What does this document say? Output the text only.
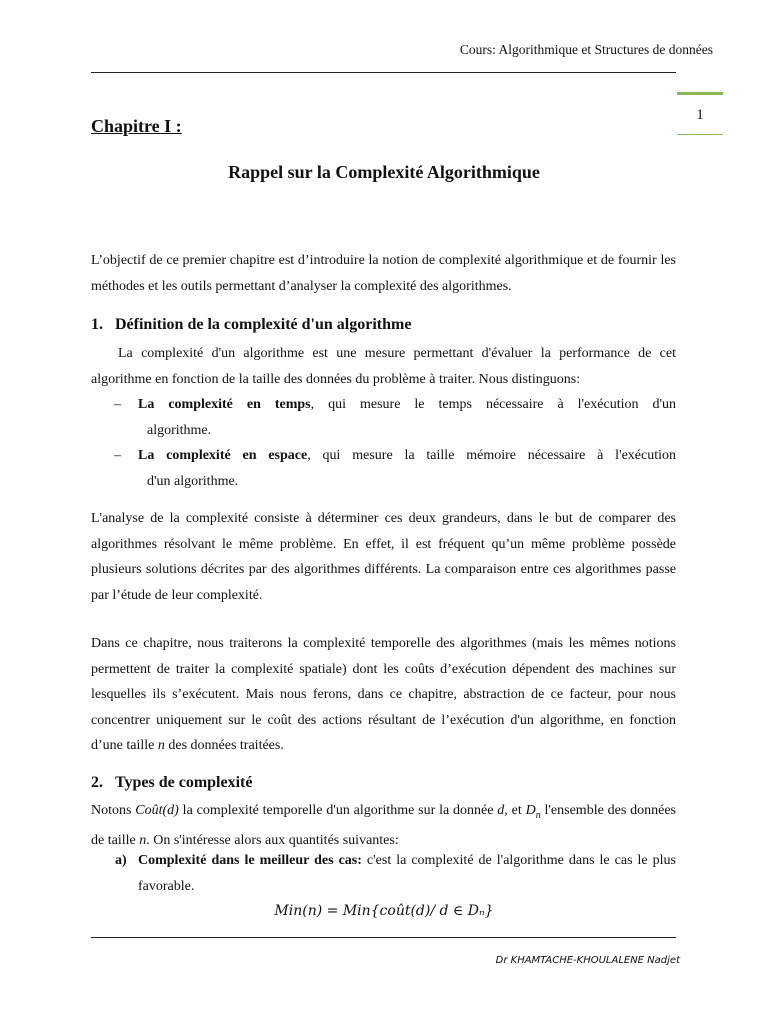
Cours: Algorithmique et Structures de données
1
Chapitre I :
Rappel sur la Complexité Algorithmique
L’objectif de ce premier chapitre est d’introduire la notion de complexité algorithmique et de fournir les méthodes et les outils permettant d’analyser la complexité des algorithmes.
1. Définition de la complexité d'un algorithme
La complexité d'un algorithme est une mesure permettant d'évaluer la performance de cet algorithme en fonction de la taille des données du problème à traiter. Nous distinguons:
– La complexité en temps, qui mesure le temps nécessaire à l'exécution d'un
algorithme.
– La complexité en espace, qui mesure la taille mémoire nécessaire à l'exécution
d'un algorithme.
L'analyse de la complexité consiste à déterminer ces deux grandeurs, dans le but de comparer des algorithmes résolvant le même problème. En effet, il est fréquent qu’un même problème possède plusieurs solutions décrites par des algorithmes différents. La comparaison entre ces algorithmes passe par l’étude de leur complexité.
Dans ce chapitre, nous traiterons la complexité temporelle des algorithmes (mais les mêmes notions permettent de traiter la complexité spatiale) dont les coûts d’exécution dépendent des machines sur lesquelles ils s’exécutent. Mais nous ferons, dans ce chapitre, abstraction de ce facteur, pour nous concentrer uniquement sur le coût des actions résultant de l’exécution d'un algorithme, en fonction d’une taille n des données traitées.
2. Types de complexité
Notons Coût(d) la complexité temporelle d'un algorithme sur la donnée d, et $D_n$ l'ensemble des données de taille n. On s'intéresse alors aux quantités suivantes:
a) Complexité dans le meilleur des cas: c'est la complexité de l'algorithme dans le cas le plus favorable.
Min(n) = Min{coût(d)/ d ∈ Dₙ}
Dr KHAMTACHE-KHOULALENE Nadjet
